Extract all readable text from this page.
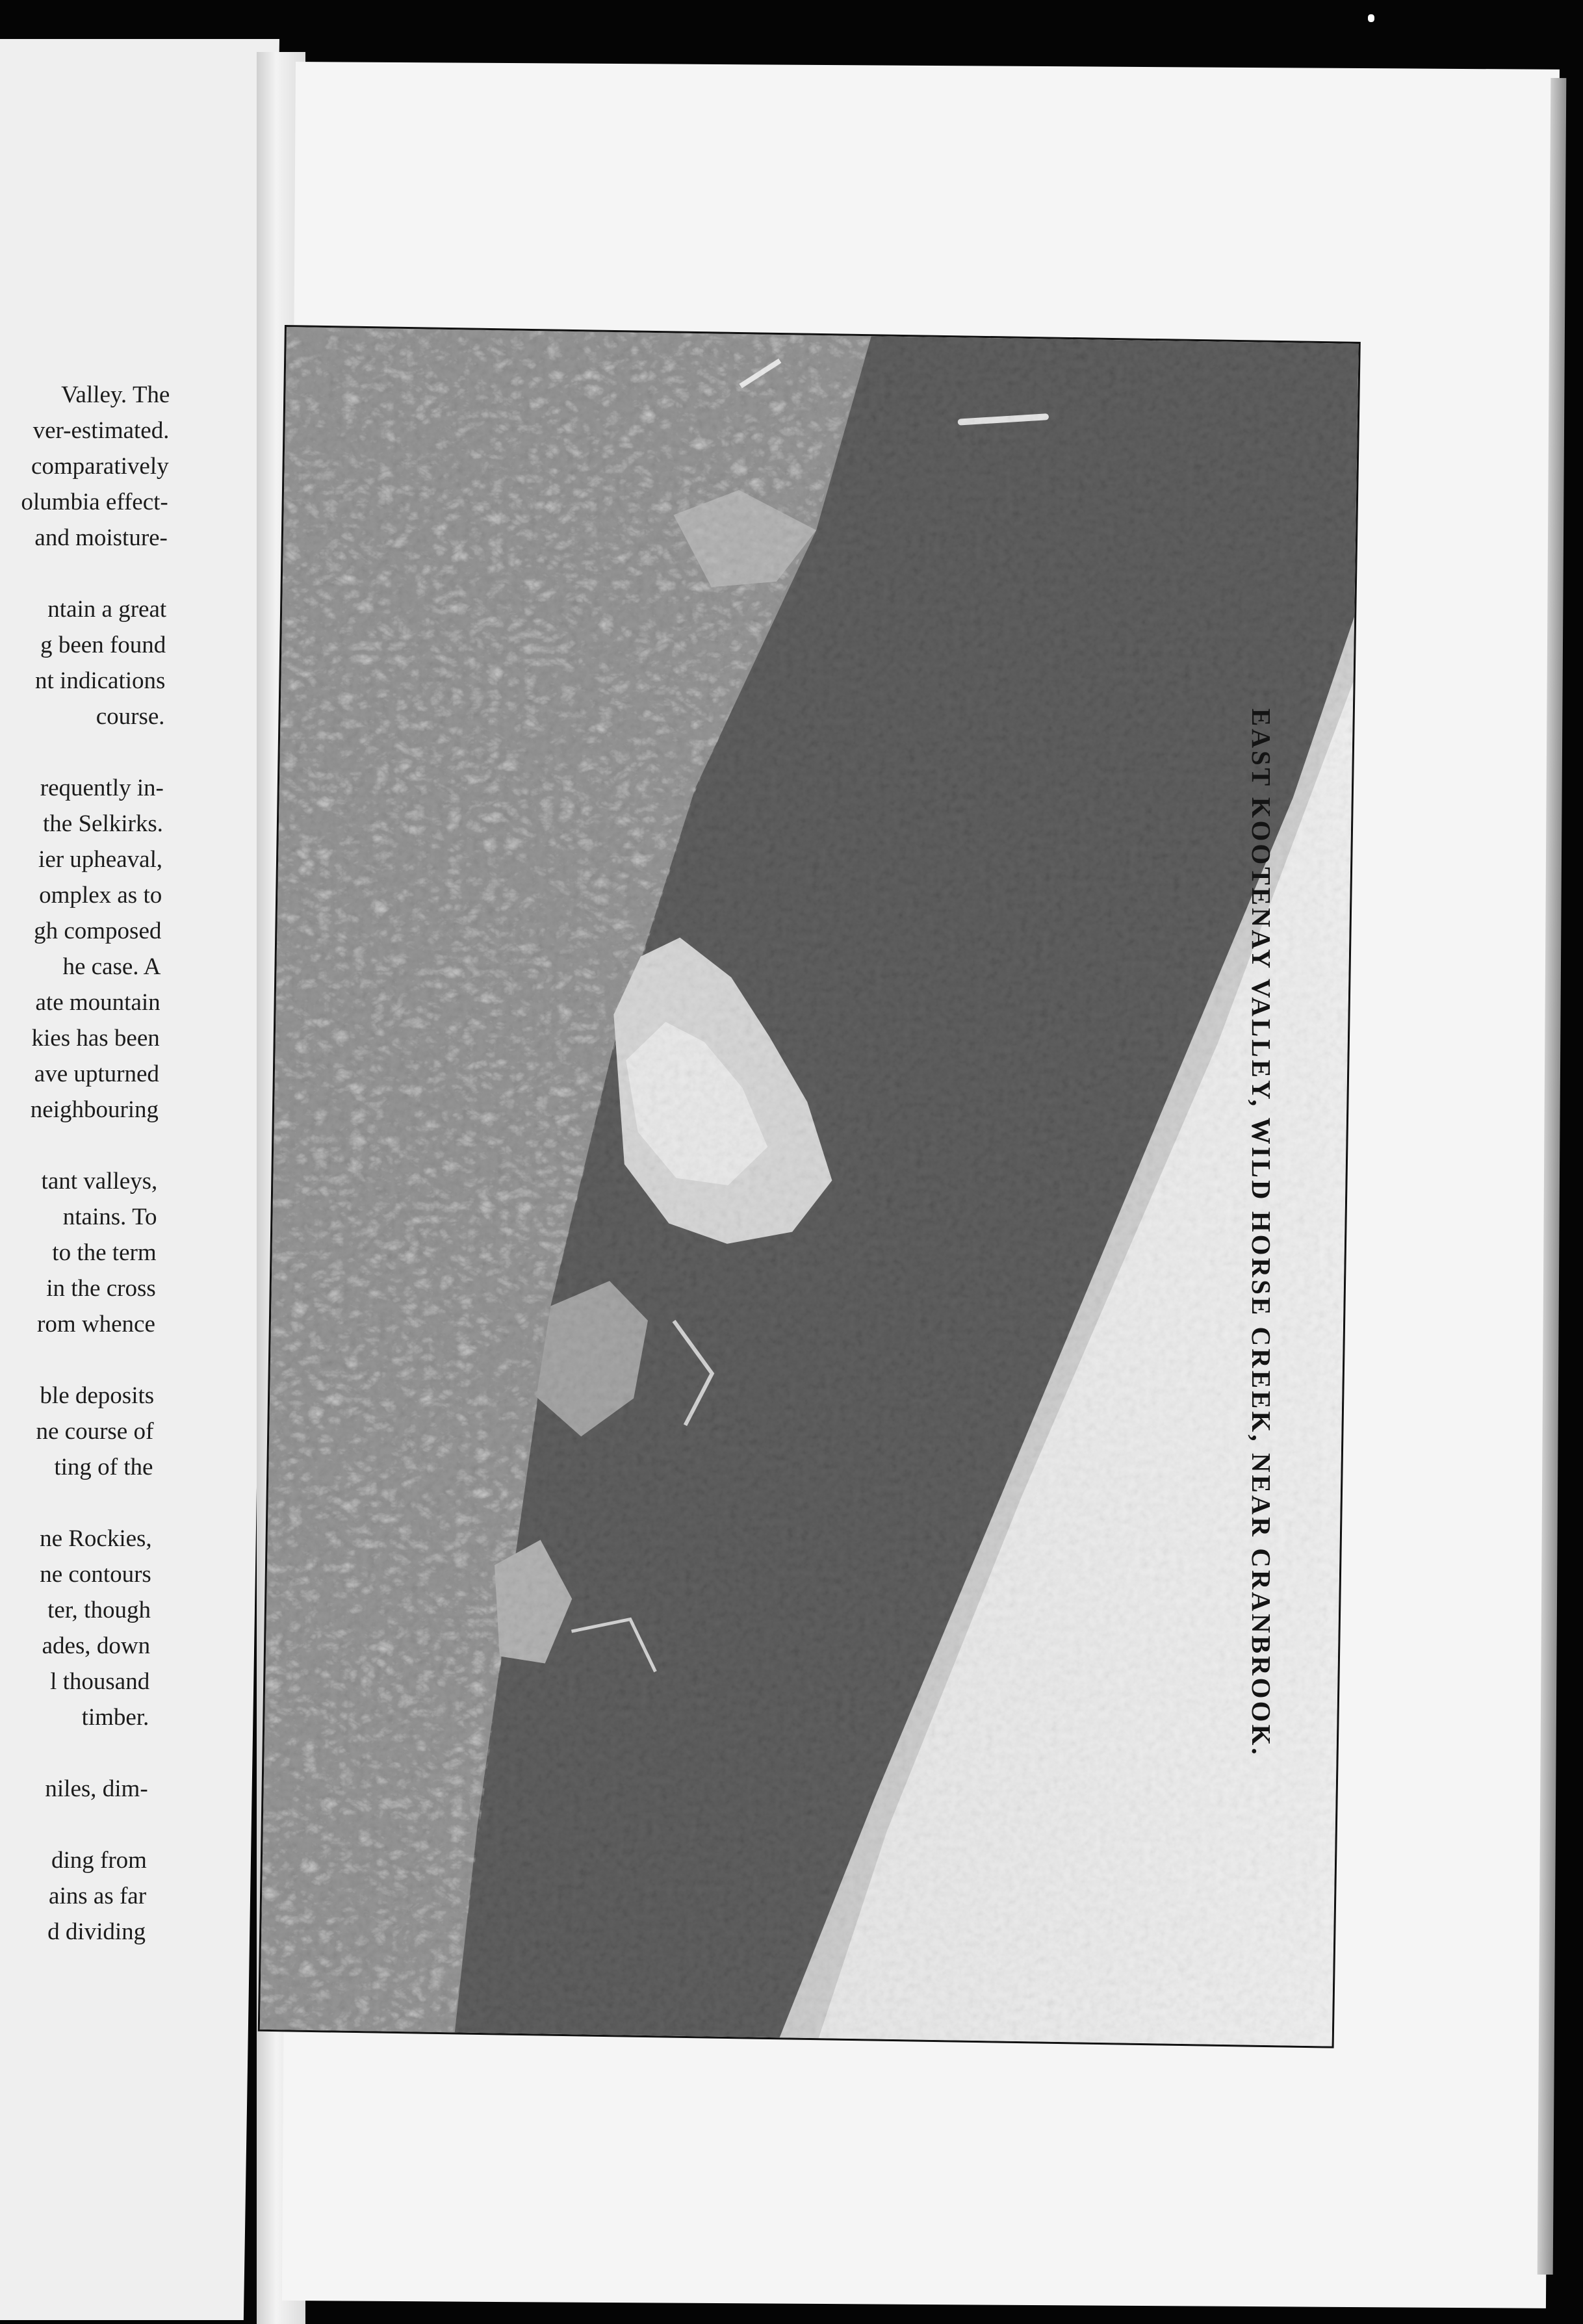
Valley. The
ver-estimated.
comparatively
olumbia effect-
and moisture-
ntain a great
g been found
nt indications
course.
requently in-
the Selkirks.
ier upheaval,
omplex as to
gh composed
he case. A
ate mountain
kies has been
ave upturned
neighbouring
tant valleys,
ntains. To
to the term
in the cross
rom whence
ble deposits
ne course of
ting of the
ne Rockies,
ne contours
ter, though
ades, down
l thousand
timber.
niles, dim-
ding from
ains as far
d dividing
EAST KOOTENAY VALLEY, WILD HORSE CREEK, NEAR CRANBROOK.
